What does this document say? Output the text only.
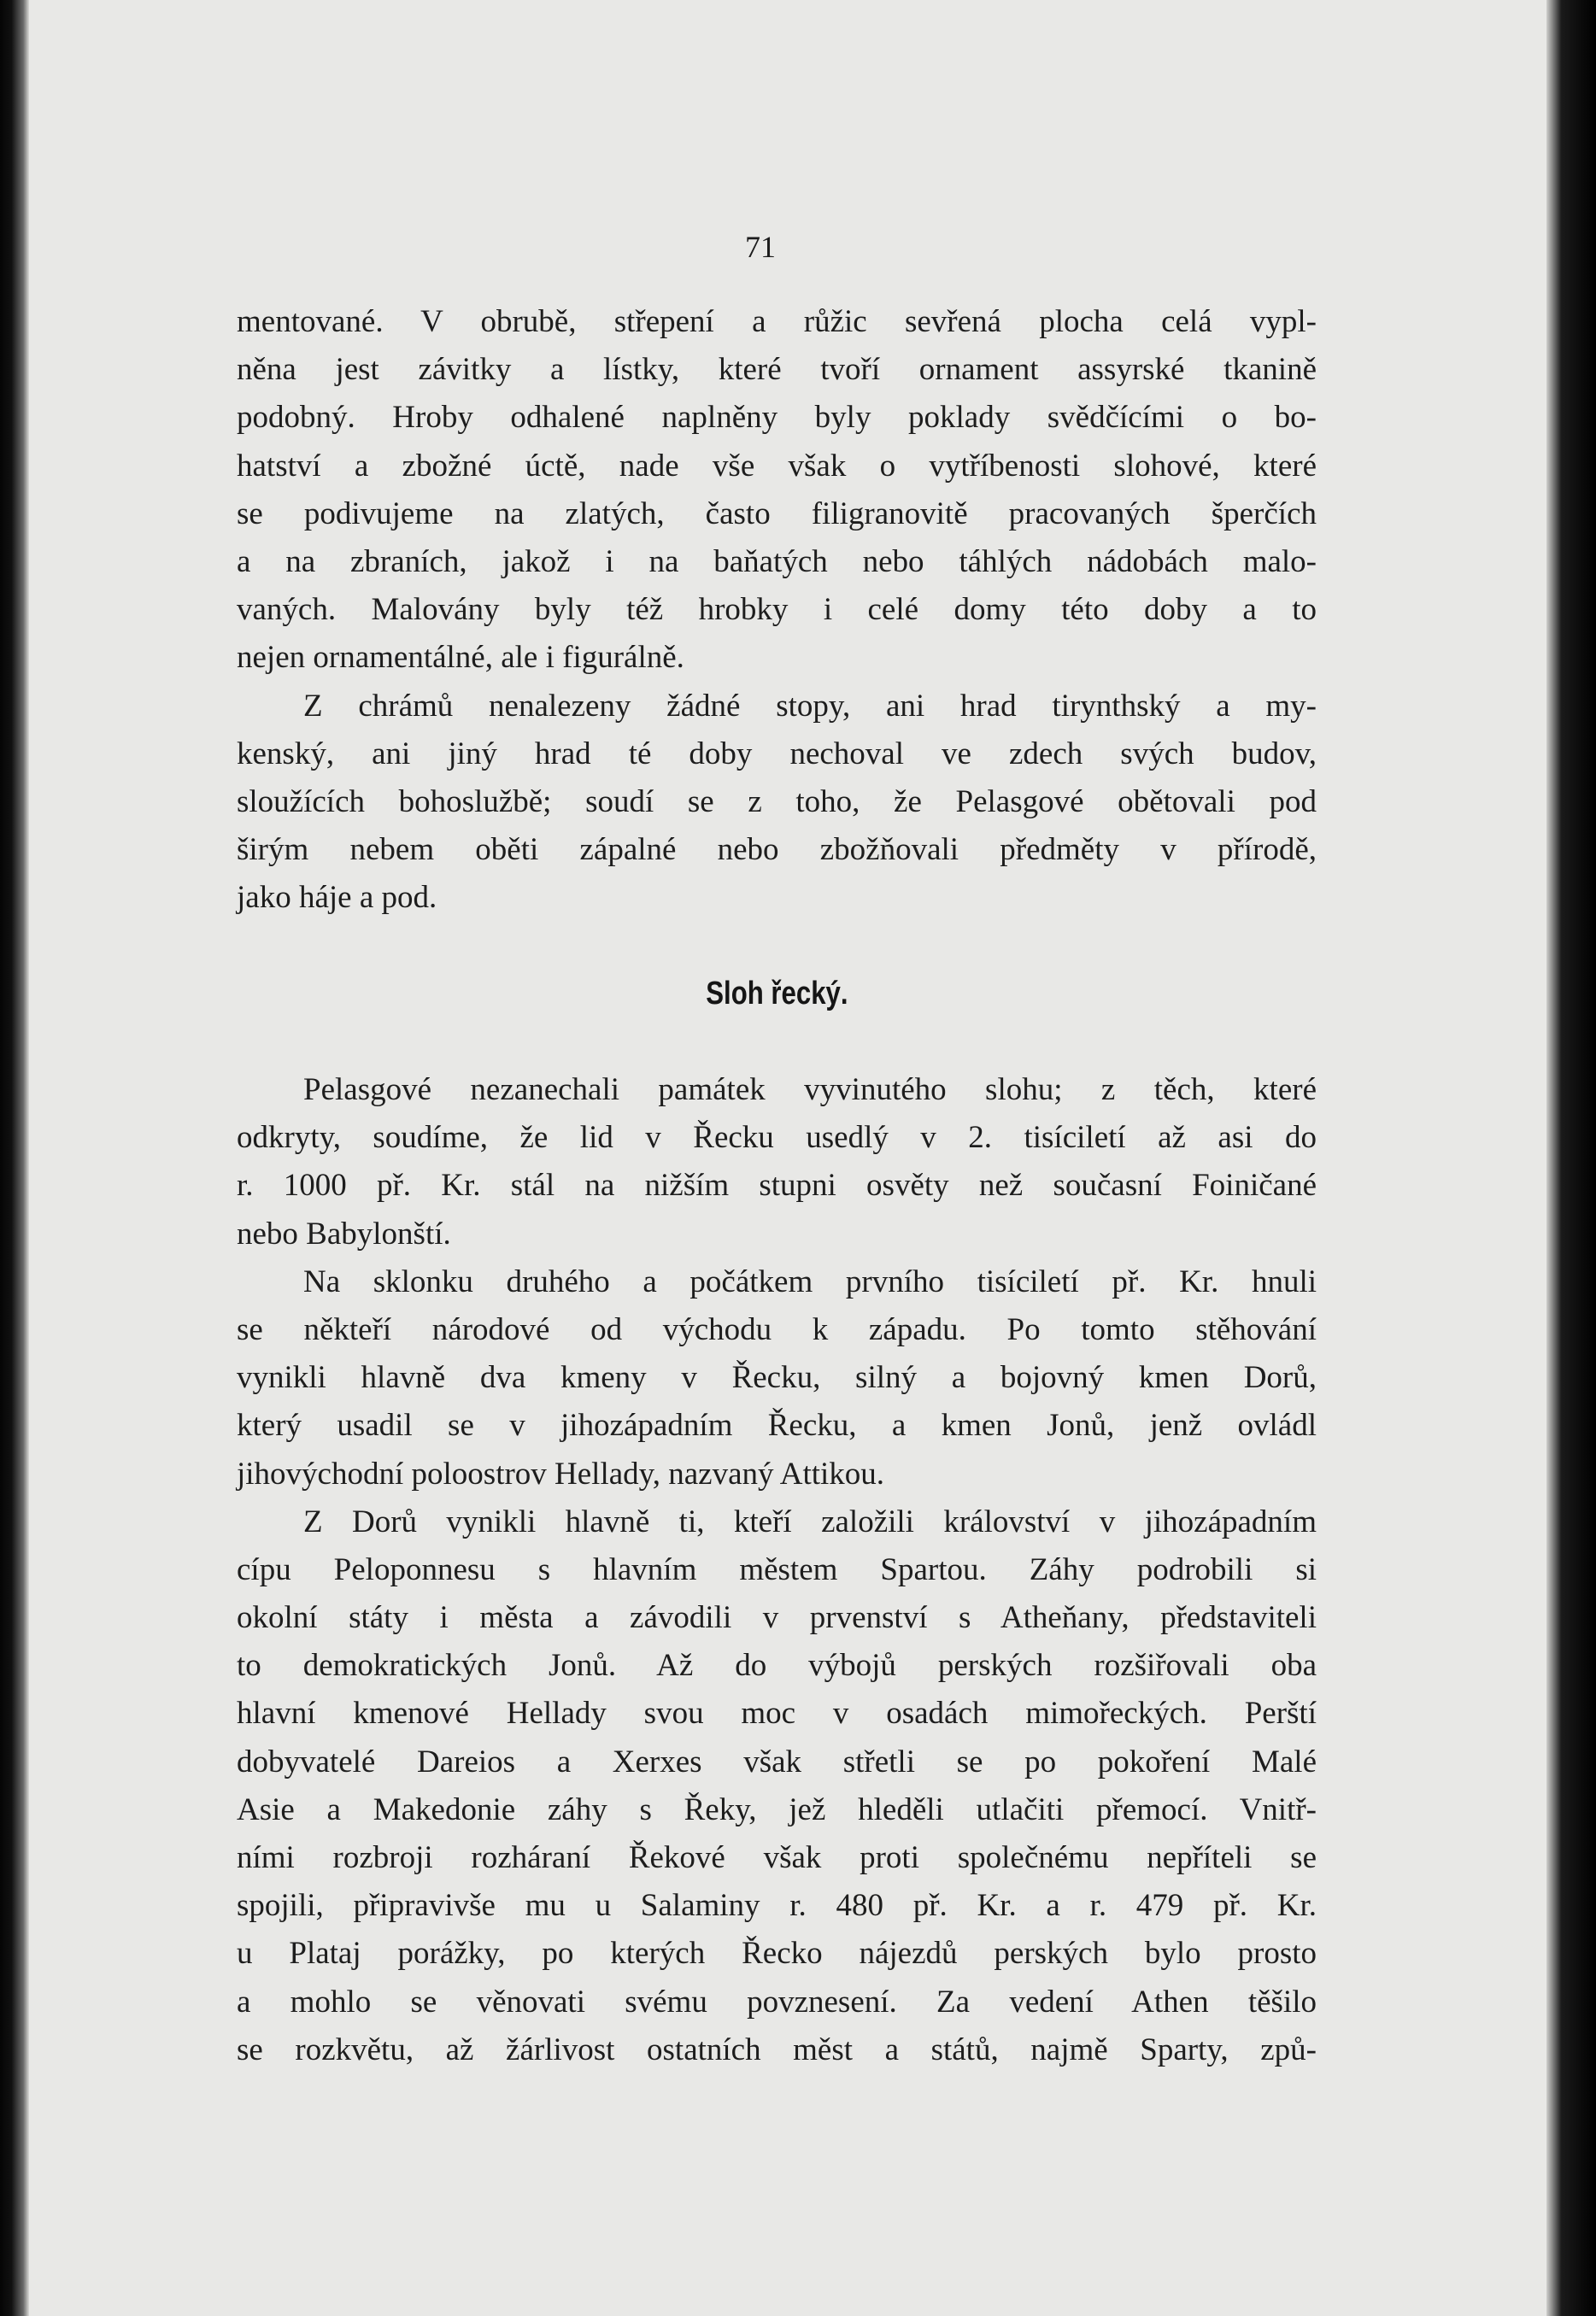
71
mentované. V obrubě, střepení a růžic sevřená plocha celá vypl-
něna jest závitky a lístky, které tvoří ornament assyrské tkanině
podobný. Hroby odhalené naplněny byly poklady svědčícími o bo-
hatství a zbožné úctě, nade vše však o vytříbenosti slohové, které
se podivujeme na zlatých, často filigranovitě pracovaných šperčích
a na zbraních, jakož i na baňatých nebo táhlých nádobách malo-
vaných. Malovány byly též hrobky i celé domy této doby a to
nejen ornamentálné, ale i figurálně.
Z chrámů nenalezeny žádné stopy, ani hrad tirynthský a my-
kenský, ani jiný hrad té doby nechoval ve zdech svých budov,
sloužících bohoslužbě; soudí se z toho, že Pelasgové obětovali pod
širým nebem oběti zápalné nebo zbožňovali předměty v přírodě,
jako háje a pod.
Sloh řecký.
Pelasgové nezanechali památek vyvinutého slohu; z těch, které
odkryty, soudíme, že lid v Řecku usedlý v 2. tisíciletí až asi do
r. 1000 př. Kr. stál na nižším stupni osvěty než současní Foiničané
nebo Babylonští.
Na sklonku druhého a počátkem prvního tisíciletí př. Kr. hnuli
se někteří národové od východu k západu. Po tomto stěhování
vynikli hlavně dva kmeny v Řecku, silný a bojovný kmen Dorů,
který usadil se v jihozápadním Řecku, a kmen Jonů, jenž ovládl
jihovýchodní poloostrov Hellady, nazvaný Attikou.
Z Dorů vynikli hlavně ti, kteří založili království v jihozápadním
cípu Peloponnesu s hlavním městem Spartou. Záhy podrobili si
okolní státy i města a závodili v prvenství s Atheňany, představiteli
to demokratických Jonů. Až do výbojů perských rozšiřovali oba
hlavní kmenové Hellady svou moc v osadách mimořeckých. Perští
dobyvatelé Dareios a Xerxes však střetli se po pokoření Malé
Asie a Makedonie záhy s Řeky, jež hleděli utlačiti přemocí. Vnitř-
ními rozbroji rozháraní Řekové však proti společnému nepříteli se
spojili, připravivše mu u Salaminy r. 480 př. Kr. a r. 479 př. Kr.
u Plataj porážky, po kterých Řecko nájezdů perských bylo prosto
a mohlo se věnovati svému povznesení. Za vedení Athen těšilo
se rozkvětu, až žárlivost ostatních měst a států, najmě Sparty, způ-
